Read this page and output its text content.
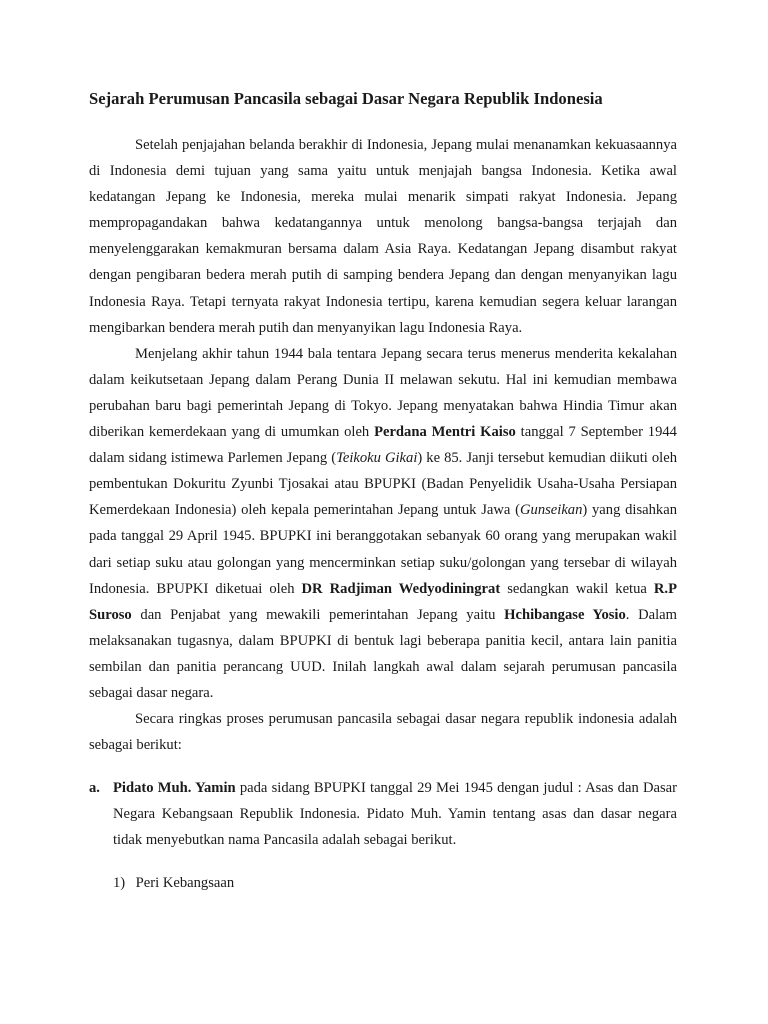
Sejarah Perumusan Pancasila sebagai Dasar Negara Republik Indonesia

Setelah penjajahan belanda berakhir di Indonesia, Jepang mulai menanamkan kekuasaannya di Indonesia demi tujuan yang sama yaitu untuk menjajah bangsa Indonesia. Ketika awal kedatangan Jepang ke Indonesia, mereka mulai menarik simpati rakyat Indonesia. Jepang mempropagandakan bahwa kedatangannya untuk menolong bangsa-bangsa terjajah dan menyelenggarakan kemakmuran bersama dalam Asia Raya. Kedatangan Jepang disambut rakyat dengan pengibaran bedera merah putih di samping bendera Jepang dan dengan menyanyikan lagu Indonesia Raya. Tetapi ternyata rakyat Indonesia tertipu, karena kemudian segera keluar larangan mengibarkan bendera merah putih dan menyanyikan lagu Indonesia Raya.

Menjelang akhir tahun 1944 bala tentara Jepang secara terus menerus menderita kekalahan dalam keikutsetaan Jepang dalam Perang Dunia II melawan sekutu. Hal ini kemudian membawa perubahan baru bagi pemerintah Jepang di Tokyo. Jepang menyatakan bahwa Hindia Timur akan diberikan kemerdekaan yang di umumkan oleh Perdana Mentri Kaiso tanggal 7 September 1944 dalam sidang istimewa Parlemen Jepang (Teikoku Gikai) ke 85. Janji tersebut kemudian diikuti oleh pembentukan Dokuritu Zyunbi Tjosakai atau BPUPKI (Badan Penyelidik Usaha-Usaha Persiapan Kemerdekaan Indonesia) oleh kepala pemerintahan Jepang untuk Jawa (Gunseikan) yang disahkan pada tanggal 29 April 1945. BPUPKI ini beranggotakan sebanyak 60 orang yang merupakan wakil dari setiap suku atau golongan yang mencerminkan setiap suku/golongan yang tersebar di wilayah Indonesia. BPUPKI diketuai oleh DR Radjiman Wedyodiningrat sedangkan wakil ketua R.P Suroso dan Penjabat yang mewakili pemerintahan Jepang yaitu Hchibangase Yosio. Dalam melaksanakan tugasnya, dalam BPUPKI di bentuk lagi beberapa panitia kecil, antara lain panitia sembilan dan panitia perancang UUD. Inilah langkah awal dalam sejarah perumusan pancasila sebagai dasar negara.

Secara ringkas proses perumusan pancasila sebagai dasar negara republik indonesia adalah sebagai berikut:

a. Pidato Muh. Yamin pada sidang BPUPKI tanggal 29 Mei 1945 dengan judul : Asas dan Dasar Negara Kebangsaan Republik Indonesia. Pidato Muh. Yamin tentang asas dan dasar negara tidak menyebutkan nama Pancasila adalah sebagai berikut.
1) Peri Kebangsaan
